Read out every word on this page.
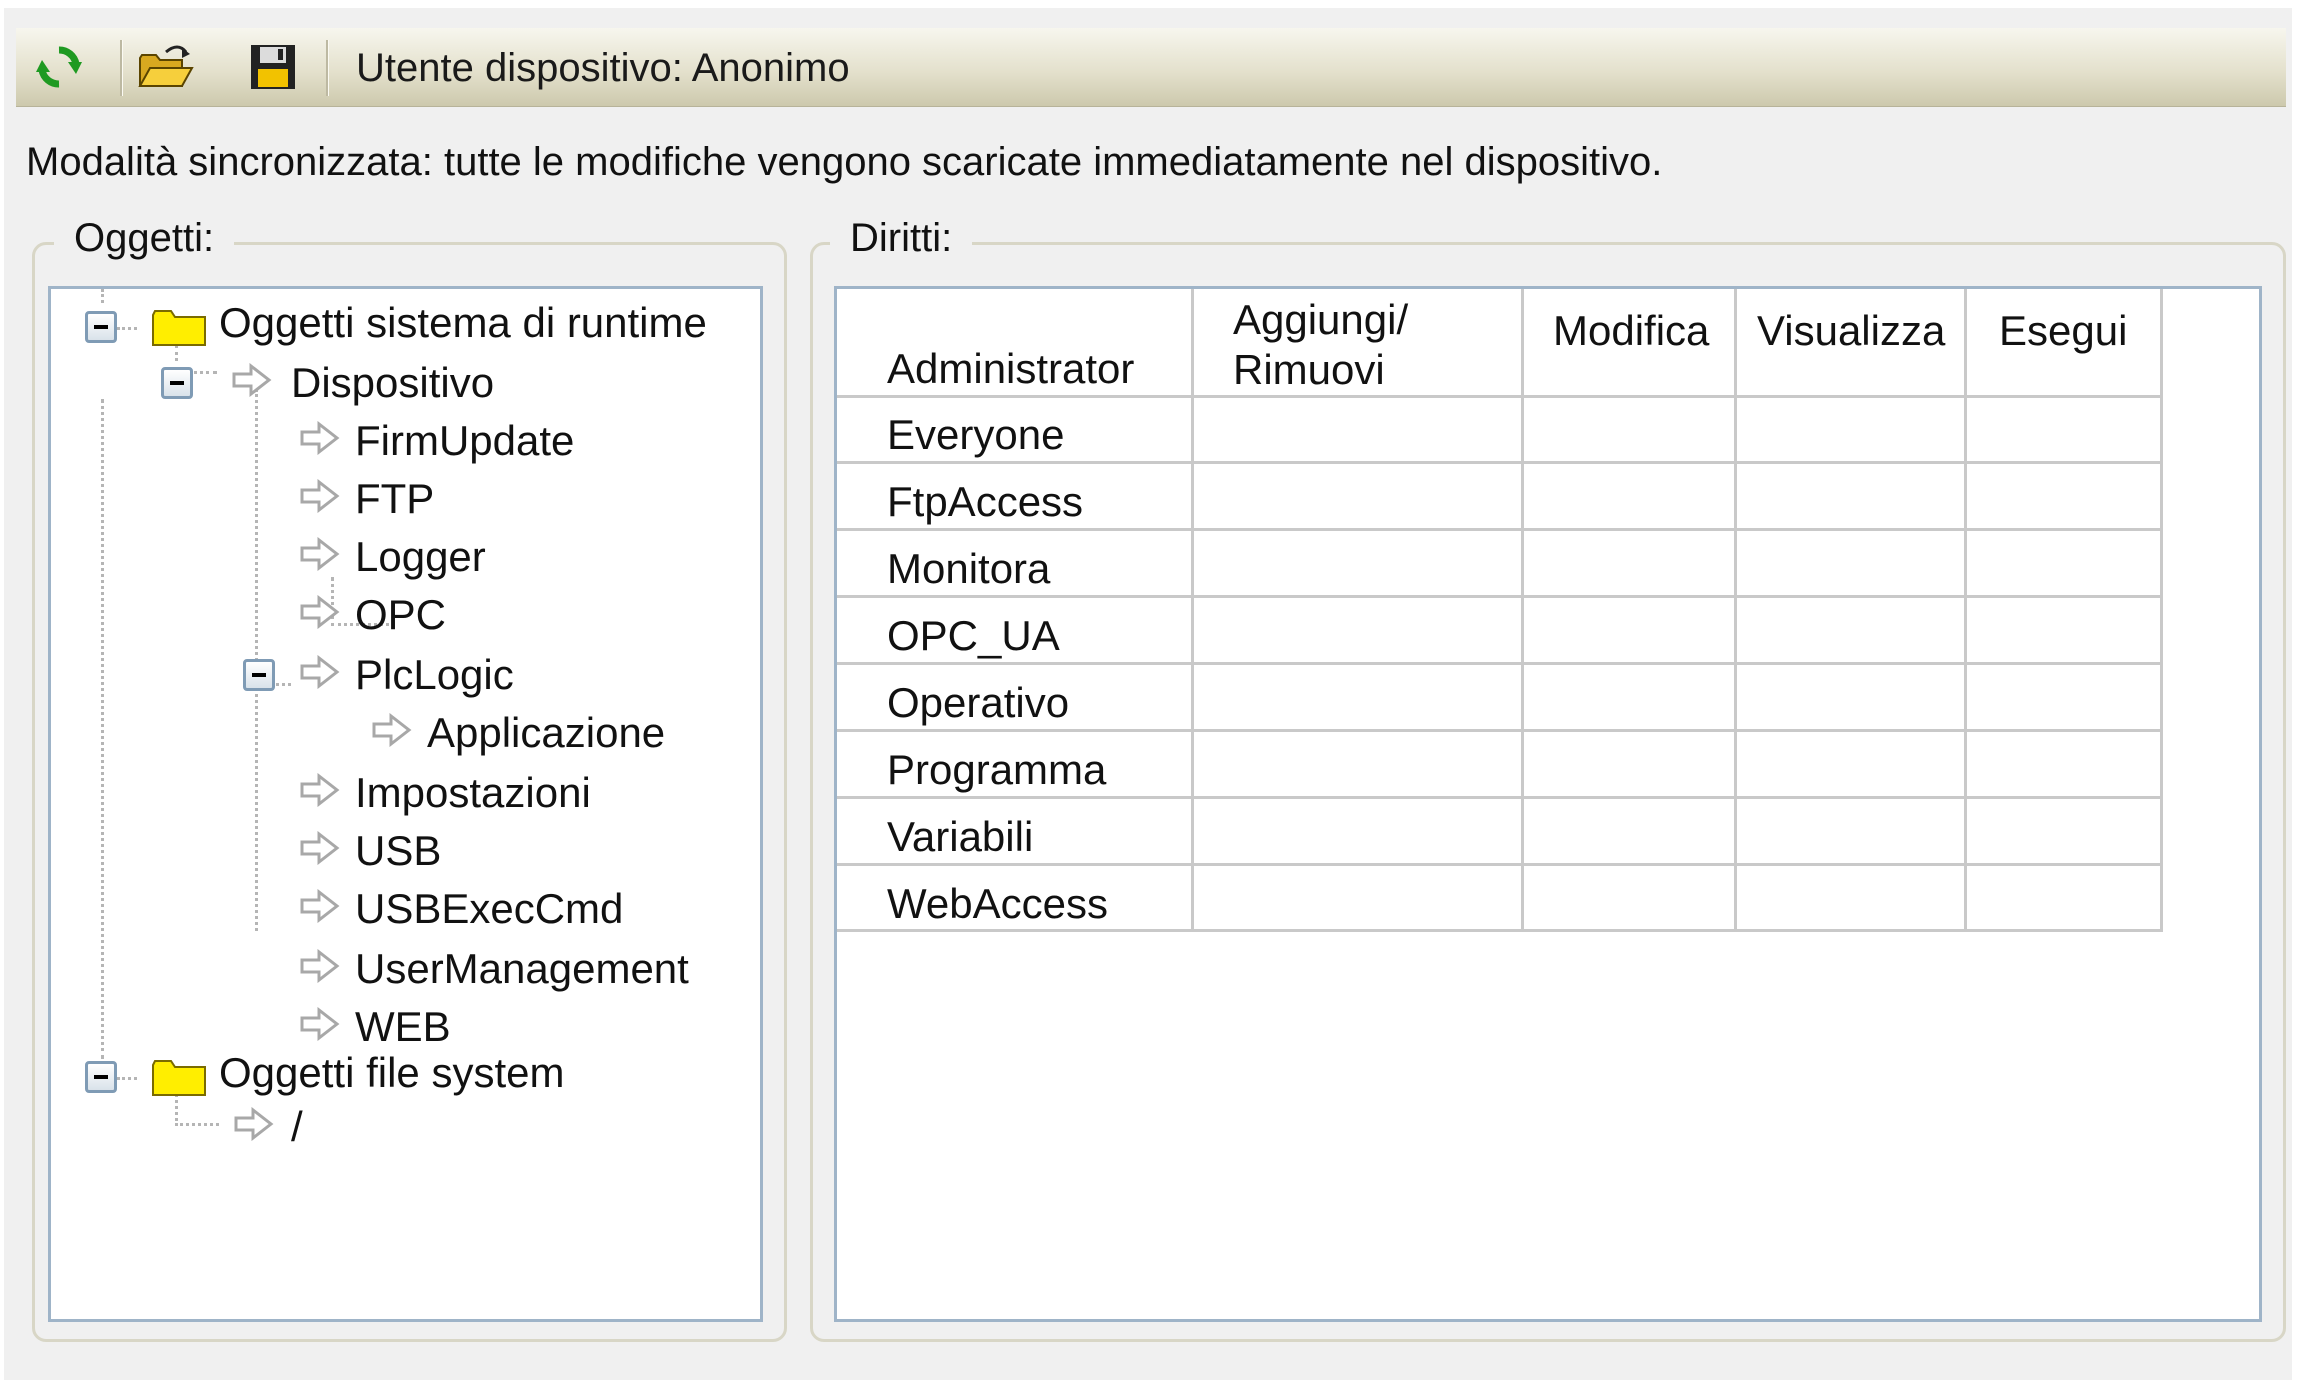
Utente dispositivo: Anonimo
Modalità sincronizzata: tutte le modifiche vengono scaricate immediatamente nel dispositivo.
Oggetti:
Oggetti sistema di runtime
Dispositivo
FirmUpdate
FTP
Logger
OPC
PlcLogic
Applicazione
Impostazioni
USB
USBExecCmd
UserManagement
WEB
Oggetti file system
/
Diritti:
Administrator
Aggiungi/
Rimuovi
Modifica Visualizza Esegui
Everyone
FtpAccess
Monitora
OPC_UA
Operativo
Programma
Variabili
WebAccess
